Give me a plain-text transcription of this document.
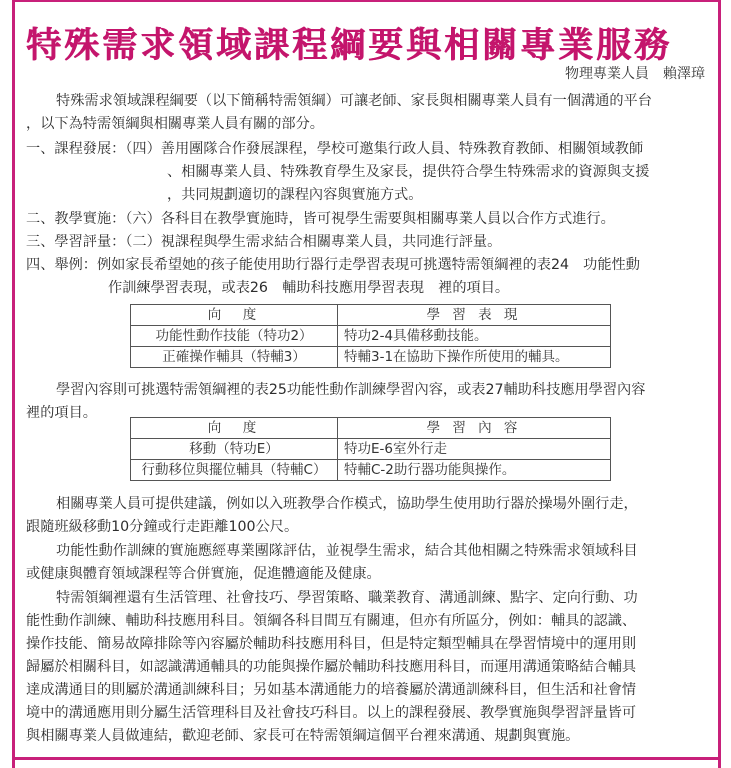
特殊需求領域課程綱要與相關專業服務
物理專業人員　賴澤璋

特殊需求領域課程綱要（以下簡稱特需領綱）可讓老師、家長與相關專業人員有一個溝通的平台

，以下為特需領綱與相關專業人員有關的部分。

一、課程發展：（四）善用團隊合作發展課程，學校可邀集行政人員、特殊教育教師、相關領域教師

、相關專業人員、特殊教育學生及家長，提供符合學生特殊需求的資源與支援

，共同規劃適切的課程內容與實施方式。

二、教學實施：（六）各科目在教學實施時，皆可視學生需要與相關專業人員以合作方式進行。

三、學習評量：（二）視課程與學生需求結合相關專業人員，共同進行評量。

四、舉例：例如家長希望她的孩子能使用助行器行走學習表現可挑選特需領綱裡的表24　功能性動

作訓練學習表現，或表26　輔助科技應用學習表現　裡的項目。

向　度	學 習 表 現
功能性動作技能（特功2）	特功2-4具備移動技能。
正確操作輔具（特輔3）	特輔3-1在協助下操作所使用的輔具。

學習內容則可挑選特需領綱裡的表25功能性動作訓練學習內容，或表27輔助科技應用學習內容

裡的項目。

向　度	學 習 內 容
移動（特功E）	特功E-6室外行走
行動移位與擺位輔具（特輔C）	特輔C-2助行器功能與操作。

相關專業人員可提供建議，例如以入班教學合作模式，協助學生使用助行器於操場外圍行走，

跟隨班級移動10分鐘或行走距離100公尺。

功能性動作訓練的實施應經專業團隊評估，並視學生需求，結合其他相關之特殊需求領域科目

或健康與體育領域課程等合併實施，促進體適能及健康。

特需領綱裡還有生活管理、社會技巧、學習策略、職業教育、溝通訓練、點字、定向行動、功

能性動作訓練、輔助科技應用科目。領綱各科目間互有關連，但亦有所區分，例如：輔具的認識、

操作技能、簡易故障排除等內容屬於輔助科技應用科目，但是特定類型輔具在學習情境中的運用則

歸屬於相關科目，如認識溝通輔具的功能與操作屬於輔助科技應用科目，而運用溝通策略結合輔具

達成溝通目的則屬於溝通訓練科目；另如基本溝通能力的培養屬於溝通訓練科目，但生活和社會情

境中的溝通應用則分屬生活管理科目及社會技巧科目。以上的課程發展、教學實施與學習評量皆可

與相關專業人員做連結，歡迎老師、家長可在特需領綱這個平台裡來溝通、規劃與實施。
